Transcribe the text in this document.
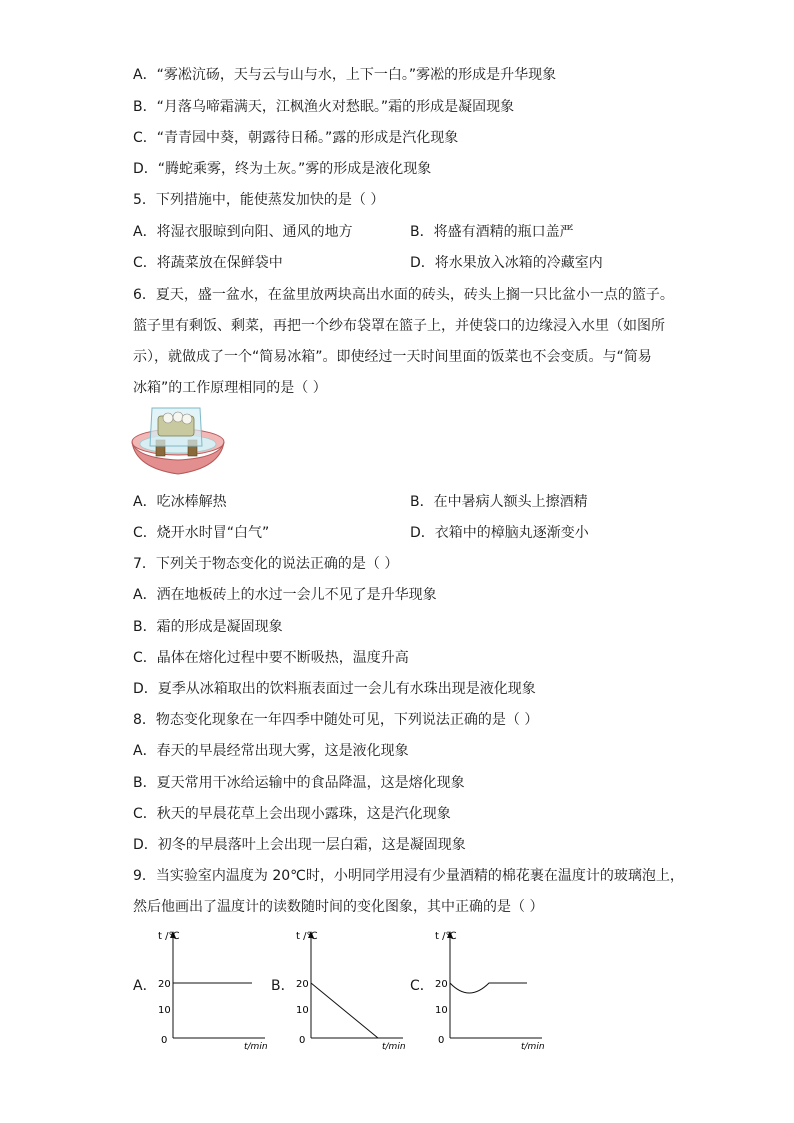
A．“雾凇沆砀，天与云与山与水，上下一白。”雾凇的形成是升华现象
B．“月落乌啼霜满天，江枫渔火对愁眠。”霜的形成是凝固现象
C．“青青园中葵，朝露待日稀。”露的形成是汽化现象
D．“腾蛇乘雾，终为土灰。”雾的形成是液化现象
5．下列措施中，能使蒸发加快的是（ ）
A．将湿衣服晾到向阳、通风的地方	B．将盛有酒精的瓶口盖严
C．将蔬菜放在保鲜袋中	D．将水果放入冰箱的冷藏室内
6．夏天，盛一盆水，在盆里放两块高出水面的砖头，砖头上搁一只比盆小一点的篮子。
篮子里有剩饭、剩菜，再把一个纱布袋罩在篮子上，并使袋口的边缘浸入水里（如图所
示），就做成了一个“简易冰箱”。即使经过一天时间里面的饭菜也不会变质。与“简易
冰箱”的工作原理相同的是（ ）
A．吃冰棒解热	B．在中暑病人额头上擦酒精
C．烧开水时冒“白气”	D．衣箱中的樟脑丸逐渐变小
7．下列关于物态变化的说法正确的是（ ）
A．洒在地板砖上的水过一会儿不见了是升华现象
B．霜的形成是凝固现象
C．晶体在熔化过程中要不断吸热，温度升高
D．夏季从冰箱取出的饮料瓶表面过一会儿有水珠出现是液化现象
8．物态变化现象在一年四季中随处可见，下列说法正确的是（ ）
A．春天的早晨经常出现大雾，这是液化现象
B．夏天常用干冰给运输中的食品降温，这是熔化现象
C．秋天的早晨花草上会出现小露珠，这是汽化现象
D．初冬的早晨落叶上会出现一层白霜，这是凝固现象
9．当实验室内温度为 20℃时，小明同学用浸有少量酒精的棉花裹在温度计的玻璃泡上，
然后他画出了温度计的读数随时间的变化图象，其中正确的是（ ）
A．
t /℃
20
10
0
t/min
B．
t /℃
20
10
0
t/min
C．
t /℃
20
10
0
t/min
